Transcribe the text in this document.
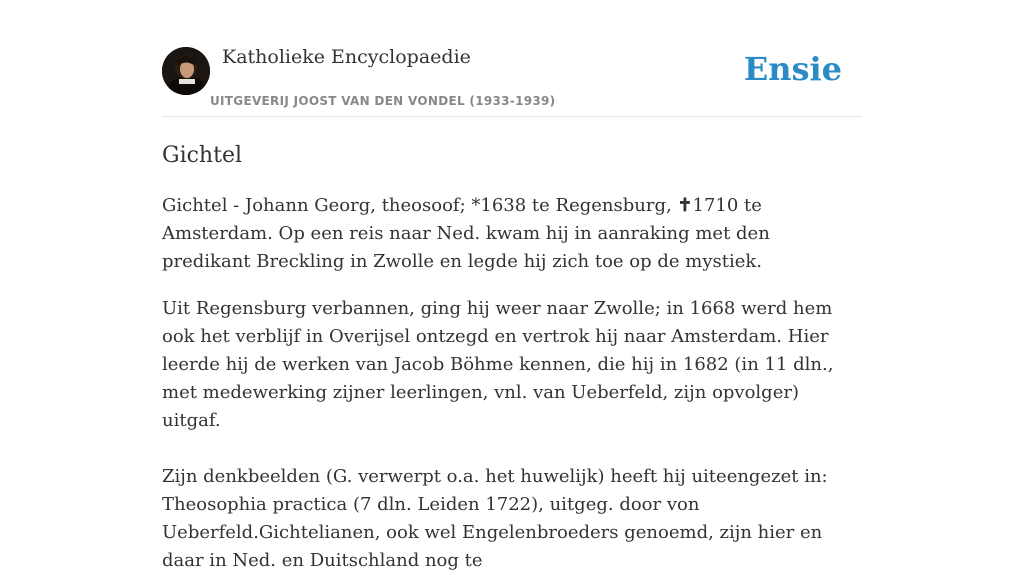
Katholieke Encyclopaedie
UITGEVERIJ JOOST VAN DEN VONDEL (1933-1939)
Ensie
Gichtel

Gichtel - Johann Georg, theosoof; *1638 te Regensburg, ✝1710 te Amsterdam. Op een reis naar Ned. kwam hij in aanraking met den predikant Breckling in Zwolle en legde hij zich toe op de mystiek.

Uit Regensburg verbannen, ging hij weer naar Zwolle; in 1668 werd hem ook het verblijf in Overijsel ontzegd en vertrok hij naar Amsterdam. Hier leerde hij de werken van Jacob Böhme kennen, die hij in 1682 (in 11 dln., met medewerking zijner leerlingen, vnl. van Ueberfeld, zijn opvolger) uitgaf.

Zijn denkbeelden (G. verwerpt o.a. het huwelijk) heeft hij uiteengezet in: Theosophia practica (7 dln. Leiden 1722), uitgeg. door von Ueberfeld.Gichtelianen, ook wel Engelenbroeders genoemd, zijn hier en daar in Ned. en Duitschland nog te
